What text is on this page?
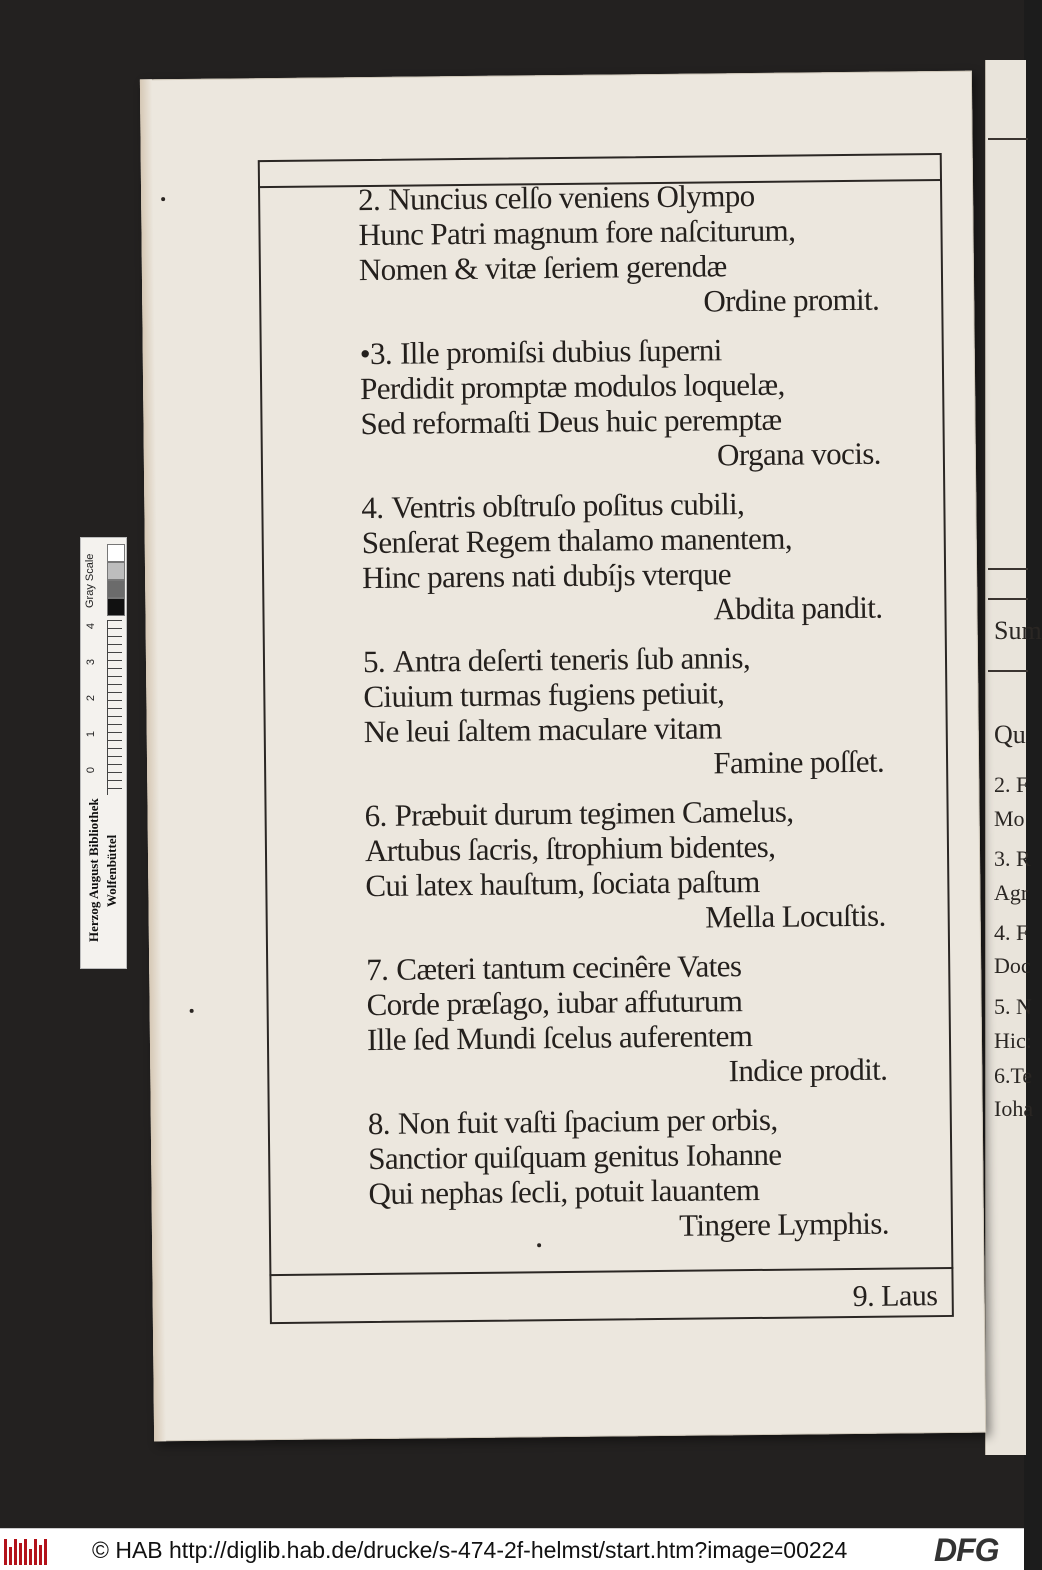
Sum
Qu
2. F
Mo
3. R
Agr
4. F
Doc
5. N
Hic:
6.Te
Ioha
2. Nuncius celſo veniens Olympo
Hunc Patri magnum fore naſciturum,
Nomen & vitæ ſeriem gerendæ
Ordine promit.
•3. Ille promiſsi dubius ſuperni
Perdidit promptæ modulos loquelæ,
Sed reformaſti Deus huic peremptæ
Organa vocis.
4. Ventris obſtruſo poſitus cubili,
Senſerat Regem thalamo manentem,
Hinc parens nati dubíjs vterque
Abdita pandit.
5. Antra deſerti teneris ſub annis,
Ciuium turmas fugiens petiuit,
Ne leui ſaltem maculare vitam
Famine poſſet.
6. Præbuit durum tegimen Camelus,
Artubus ſacris, ſtrophium bidentes,
Cui latex hauſtum, ſociata paſtum
Mella Locuſtis.
7. Cæteri tantum cecinêre Vates
Corde præſago, iubar affuturum
Ille ſed Mundi ſcelus auferentem
Indice prodit.
8. Non fuit vaſti ſpacium per orbis,
Sanctior quiſquam genitus Iohanne
Qui nephas ſecli, potuit lauantem
Tingere Lymphis.
9. Laus
Gray Scale
0
1
2
3
4
Herzog August Bibliothek Wolfenbüttel
© HAB http://diglib.hab.de/drucke/s-474-2f-helmst/start.htm?image=00224	DFG
